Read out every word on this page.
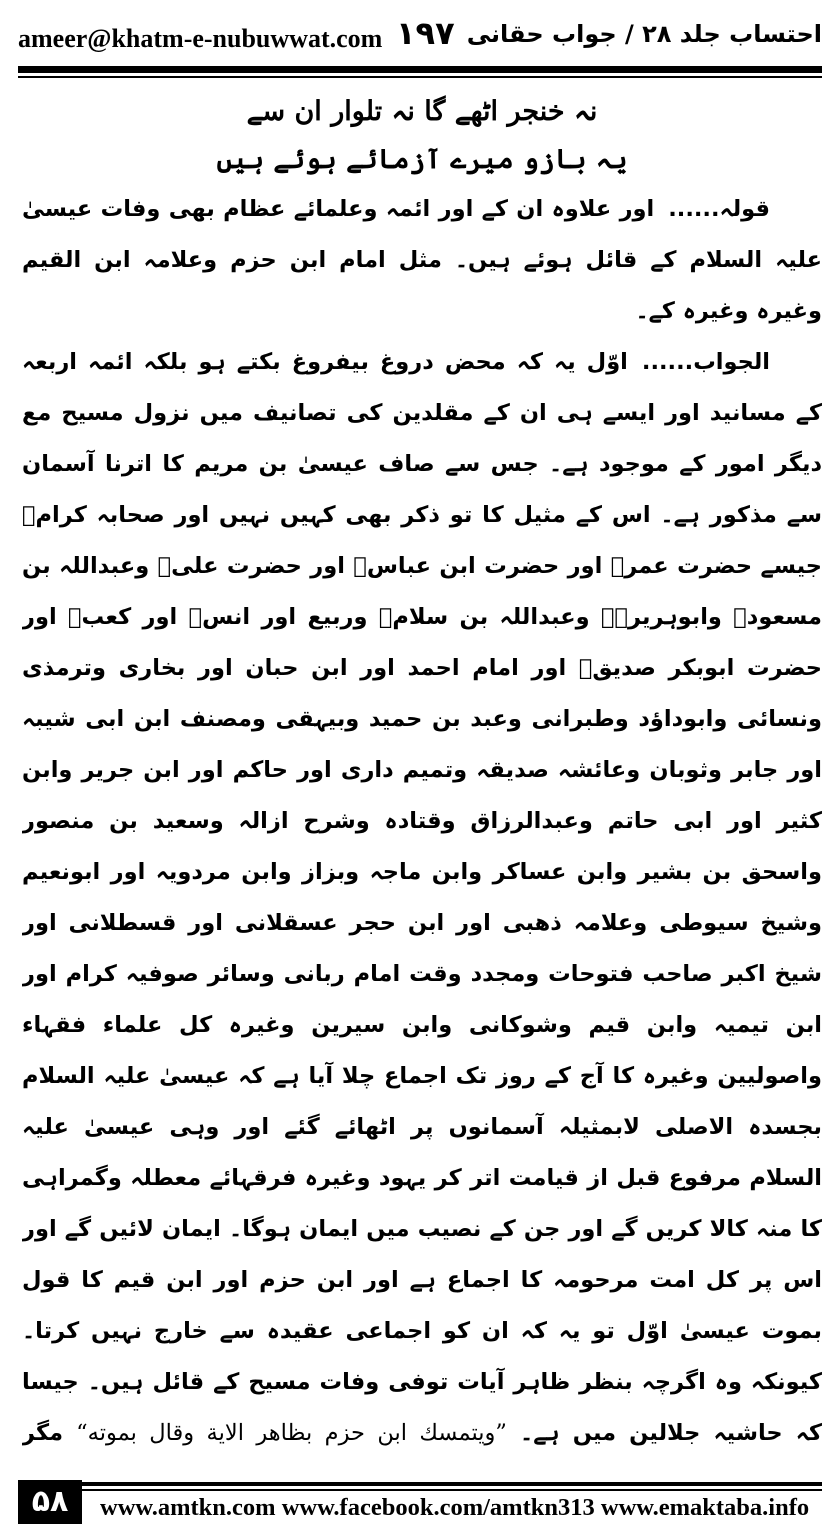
ameer@khatm-e-nubuwwat.com ۱۹۷ احتساب جلد ۲۸ / جواب حقانی

نہ خنجر اٹھے گا نہ تلوار ان سے

یہ بازو میرے آزمائے ہوئے ہیں

قولہ......اور علاوہ ان کے اور ائمہ وعلمائے عظام بھی وفات عیسیٰ علیہ السلام کے قائل ہوئے ہیں۔ مثل امام ابن حزم وعلامہ ابن القیم وغیرہ وغیرہ کے۔

الجواب......اوّل یہ کہ محض دروغ بیفروغ بکتے ہو بلکہ ائمہ اربعہ کے مسانید اور ایسے ہی ان کے مقلدین کی تصانیف میں نزول مسیح مع دیگر امور کے موجود ہے۔ جس سے صاف عیسیٰ بن مریم کا اترنا آسمان سے مذکور ہے۔ اس کے مثیل کا تو ذکر بھی کہیں نہیں اور صحابہ کرامؓ جیسے حضرت عمرؓ اور حضرت ابن عباسؓ اور حضرت علیؓ وعبداللہ بن مسعودؓ وابوہریرہؓ وعبداللہ بن سلامؓ وربیع اور انسؓ اور کعبؓ اور حضرت ابوبکر صدیقؓ اور امام احمد اور ابن حبان اور بخاری وترمذی ونسائی وابوداؤد وطبرانی وعبد بن حمید وبیہقی ومصنف ابن ابی شیبہ اور جابر وثوبان وعائشہ صدیقہ وتمیم داری اور حاکم اور ابن جریر وابن کثیر اور ابی حاتم وعبدالرزاق وقتادہ وشرح ازالہ وسعید بن منصور واسحق بن بشیر وابن عساکر وابن ماجہ وبزاز وابن مردویہ اور ابونعیم وشیخ سیوطی وعلامہ ذھبی اور ابن حجر عسقلانی اور قسطلانی اور شیخ اکبر صاحب فتوحات ومجدد وقت امام ربانی وسائر صوفیہ کرام اور ابن تیمیہ وابن قیم وشوکانی وابن سیرین وغیرہ کل علماء فقہاء واصولیین وغیرہ کا آج کے روز تک اجماع چلا آیا ہے کہ عیسیٰ علیہ السلام بجسدہ الاصلی لابمثیلہ آسمانوں پر اٹھائے گئے اور وہی عیسیٰ علیہ السلام مرفوع قبل از قیامت اتر کر یہود وغیرہ فرقہائے معطلہ وگمراہی کا منہ کالا کریں گے اور جن کے نصیب میں ایمان ہوگا۔ ایمان لائیں گے اور اس پر کل امت مرحومہ کا اجماع ہے اور ابن حزم اور ابن قیم کا قول بموت عیسیٰ اوّل تو یہ کہ ان کو اجماعی عقیدہ سے خارج نہیں کرتا۔ کیونکہ وہ اگرچہ بنظر ظاہر آیات توفی وفات مسیح کے قائل ہیں۔ جیسا کہ حاشیہ جلالین میں ہے۔ ”ویتمسك ابن حزم بظاهر الاية وقال بموته“ مگر

۵۸	www.amtkn.com www.facebook.com/amtkn313 www.emaktaba.info
